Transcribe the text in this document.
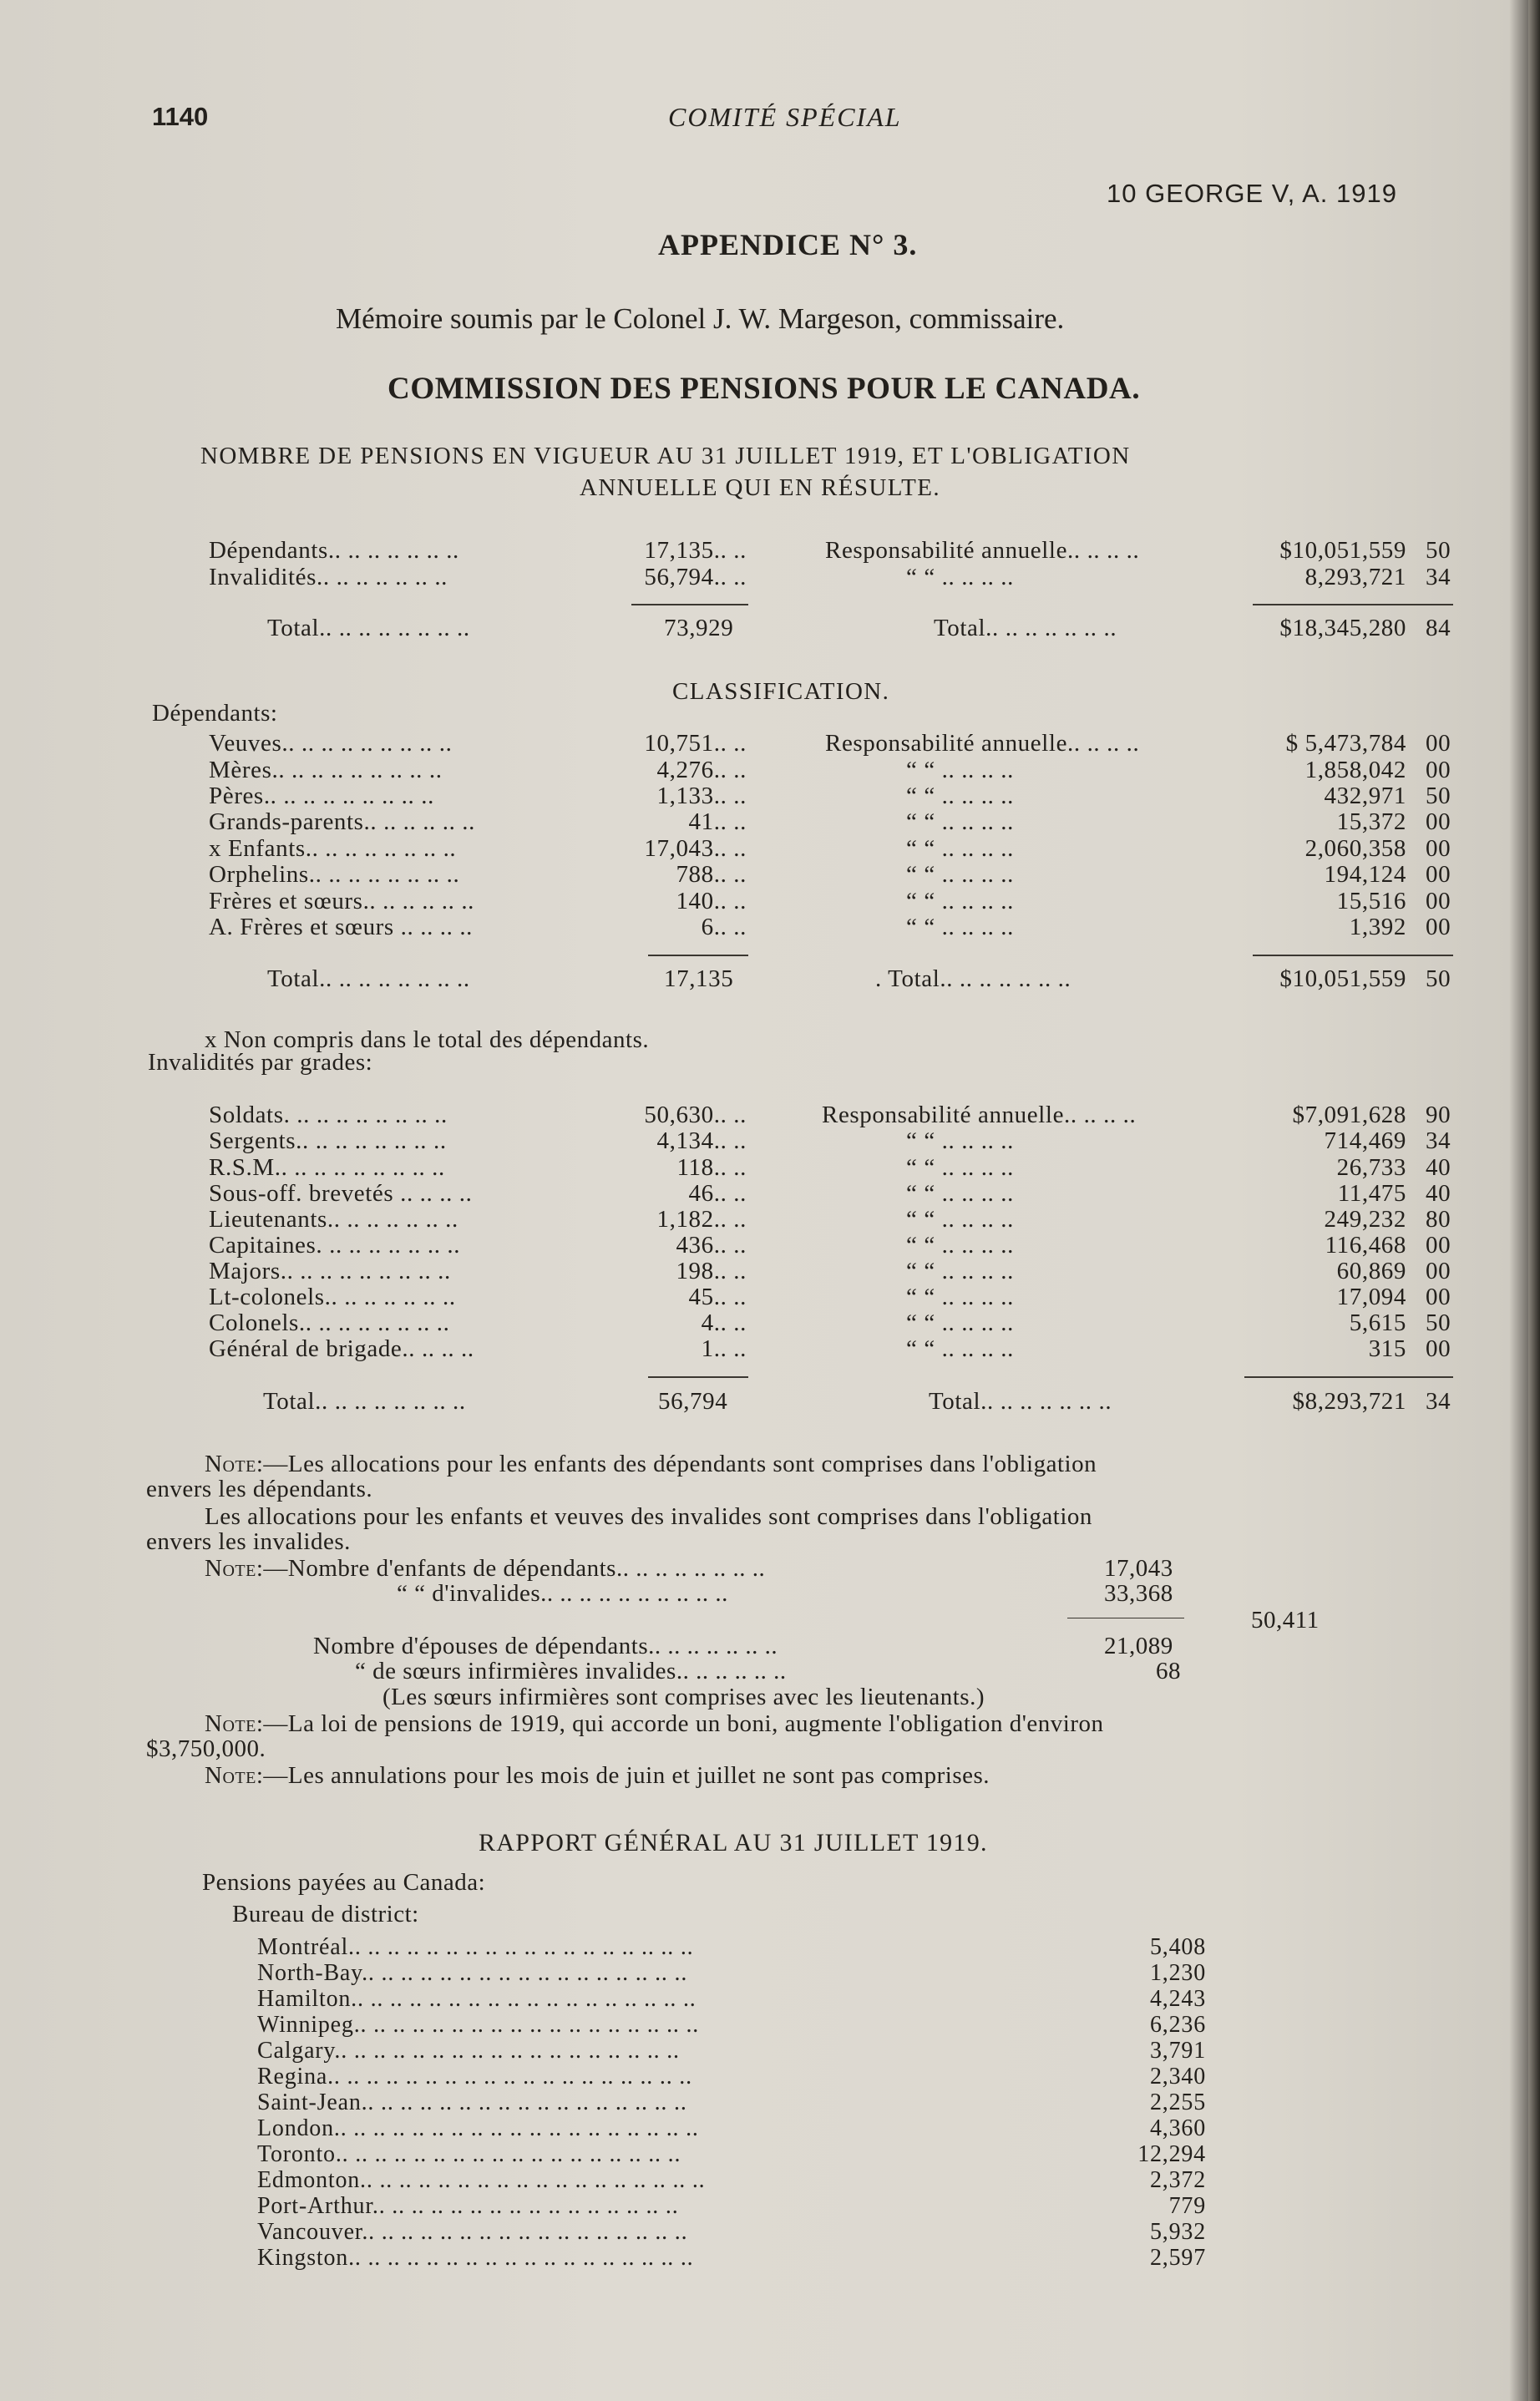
1140	COMITÉ SPÉCIAL
10 GEORGE V, A. 1919
APPENDICE N° 3.
Mémoire soumis par le Colonel J. W. Margeson, commissaire.
COMMISSION DES PENSIONS POUR LE CANADA.
NOMBRE DE PENSIONS EN VIGUEUR AU 31 JUILLET 1919, ET L'OBLIGATION
ANNUELLE QUI EN RÉSULTE.
Dépendants.. .. .. .. .. .. ..	17,135.. ..	Responsabilité annuelle.. .. .. ..	$10,051,559 50
Invalidités.. .. .. .. .. .. ..	56,794.. ..	“ “ .. .. .. ..	8,293,721 34
Total.. .. .. .. .. .. .. ..	73,929	Total.. .. .. .. .. .. ..	$18,345,280 84
CLASSIFICATION.
Dépendants:
Veuves.. .. .. .. .. .. .. .. ..	10,751.. ..	Responsabilité annuelle.. .. .. ..	$ 5,473,784 00
Mères.. .. .. .. .. .. .. .. ..	4,276.. ..	“ “ .. .. .. ..	1,858,042 00
Pères.. .. .. .. .. .. .. .. ..	1,133.. ..	“ “ .. .. .. ..	432,971 50
Grands-parents.. .. .. .. .. ..	41.. ..	“ “ .. .. .. ..	15,372 00
x Enfants.. .. .. .. .. .. .. ..	17,043.. ..	“ “ .. .. .. ..	2,060,358 00
Orphelins.. .. .. .. .. .. .. ..	788.. ..	“ “ .. .. .. ..	194,124 00
Frères et sœurs.. .. .. .. .. ..	140.. ..	“ “ .. .. .. ..	15,516 00
A. Frères et sœurs .. .. .. ..	6.. ..	“ “ .. .. .. ..	1,392 00
Total.. .. .. .. .. .. .. ..	17,135	. Total.. .. .. .. .. .. ..	$10,051,559 50
x Non compris dans le total des dépendants.
Invalidités par grades:
Soldats. .. .. .. .. .. .. .. ..	50,630.. ..	Responsabilité annuelle.. .. .. ..	$7,091,628 90
Sergents.. .. .. .. .. .. .. ..	4,134.. ..	“ “ .. .. .. ..	714,469 34
R.S.M.. .. .. .. .. .. .. .. ..	118.. ..	“ “ .. .. .. ..	26,733 40
Sous-off. brevetés .. .. .. ..	46.. ..	“ “ .. .. .. ..	11,475 40
Lieutenants.. .. .. .. .. .. ..	1,182.. ..	“ “ .. .. .. ..	249,232 80
Capitaines. .. .. .. .. .. .. ..	436.. ..	“ “ .. .. .. ..	116,468 00
Majors.. .. .. .. .. .. .. .. ..	198.. ..	“ “ .. .. .. ..	60,869 00
Lt-colonels.. .. .. .. .. .. ..	45.. ..	“ “ .. .. .. ..	17,094 00
Colonels.. .. .. .. .. .. .. ..	4.. ..	“ “ .. .. .. ..	5,615 50
Général de brigade.. .. .. ..	1.. ..	“ “ .. .. .. ..	315 00
Total.. .. .. .. .. .. .. ..	56,794	Total.. .. .. .. .. .. ..	$8,293,721 34
Note:—Les allocations pour les enfants des dépendants sont comprises dans l'obligation
envers les dépendants.
Les allocations pour les enfants et veuves des invalides sont comprises dans l'obligation
envers les invalides.
Note:—Nombre d'enfants de dépendants.. .. .. .. .. .. .. ..	17,043
“ “ d'invalides.. .. .. .. .. .. .. .. .. ..	33,368
50,411
Nombre d'épouses de dépendants.. .. .. .. .. .. ..	21,089
“ de sœurs infirmières invalides.. .. .. .. .. ..	68
(Les sœurs infirmières sont comprises avec les lieutenants.)
Note:—La loi de pensions de 1919, qui accorde un boni, augmente l'obligation d'environ
$3,750,000.
Note:—Les annulations pour les mois de juin et juillet ne sont pas comprises.
RAPPORT GÉNÉRAL AU 31 JUILLET 1919.
Pensions payées au Canada:
Bureau de district:
Montréal.. .. .. .. .. .. .. .. .. .. .. .. .. .. .. .. .. ..	5,408
North-Bay.. .. .. .. .. .. .. .. .. .. .. .. .. .. .. .. ..	1,230
Hamilton.. .. .. .. .. .. .. .. .. .. .. .. .. .. .. .. .. ..	4,243
Winnipeg.. .. .. .. .. .. .. .. .. .. .. .. .. .. .. .. .. ..	6,236
Calgary.. .. .. .. .. .. .. .. .. .. .. .. .. .. .. .. .. ..	3,791
Regina.. .. .. .. .. .. .. .. .. .. .. .. .. .. .. .. .. .. ..	2,340
Saint-Jean.. .. .. .. .. .. .. .. .. .. .. .. .. .. .. .. ..	2,255
London.. .. .. .. .. .. .. .. .. .. .. .. .. .. .. .. .. .. ..	4,360
Toronto.. .. .. .. .. .. .. .. .. .. .. .. .. .. .. .. .. ..	12,294
Edmonton.. .. .. .. .. .. .. .. .. .. .. .. .. .. .. .. .. ..	2,372
Port-Arthur.. .. .. .. .. .. .. .. .. .. .. .. .. .. .. ..	779
Vancouver.. .. .. .. .. .. .. .. .. .. .. .. .. .. .. .. ..	5,932
Kingston.. .. .. .. .. .. .. .. .. .. .. .. .. .. .. .. .. ..	2,597
